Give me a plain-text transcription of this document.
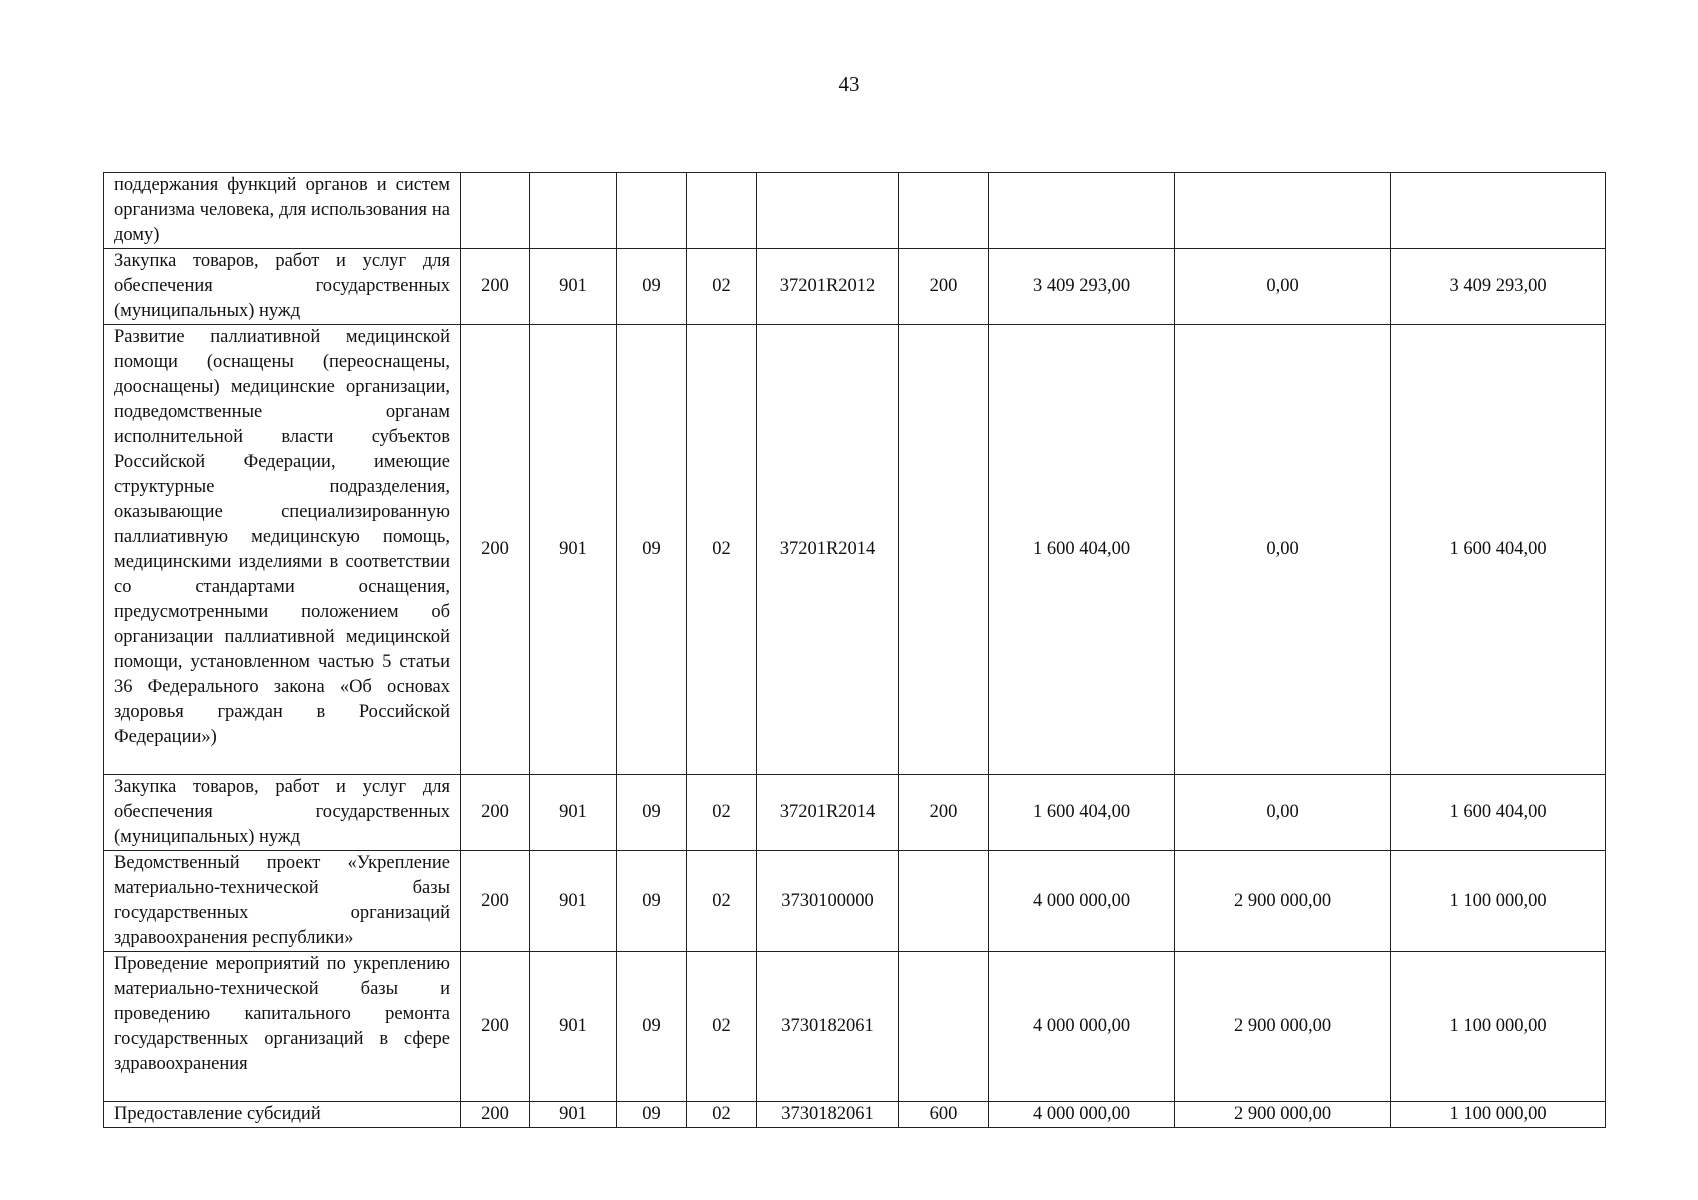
43
поддержания функций органов и систем организма человека, для использования на дому)									

Закупка товаров, работ и услуг для обеспечения государственных (муниципальных) нужд	200	901	09	02	37201R2012	200	3 409 293,00	0,00	3 409 293,00

Развитие паллиативной медицинской помощи (оснащены (переоснащены, дооснащены) медицинские организации, подведомственные органам исполнительной власти субъектов Российской Федерации, имеющие структурные подразделения, оказывающие специализированную паллиативную медицинскую помощь, медицинскими изделиями в соответствии со стандартами оснащения, предусмотренными положением об организации паллиативной медицинской помощи, установленном частью 5 статьи 36 Федерального закона «Об основах здоровья граждан в Российской Федерации»)	200	901	09	02	37201R2014		1 600 404,00	0,00	1 600 404,00

Закупка товаров, работ и услуг для обеспечения государственных (муниципальных) нужд	200	901	09	02	37201R2014	200	1 600 404,00	0,00	1 600 404,00

Ведомственный проект «Укрепление материально-технической базы государственных организаций здравоохранения республики»	200	901	09	02	3730100000		4 000 000,00	2 900 000,00	1 100 000,00

Проведение мероприятий по укреплению материально-технической базы и проведению капитального ремонта государственных организаций в сфере здравоохранения	200	901	09	02	3730182061		4 000 000,00	2 900 000,00	1 100 000,00

Предоставление субсидий	200	901	09	02	3730182061	600	4 000 000,00	2 900 000,00	1 100 000,00
